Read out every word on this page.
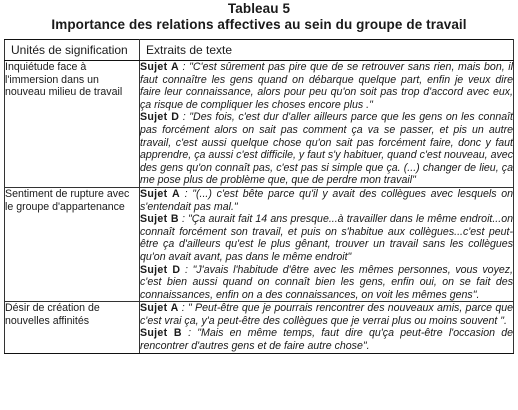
Tableau 5
Importance des relations affectives au sein du groupe de travail
Unités de signification	Extraits de texte
Inquiétude face à l'immersion dans un nouveau milieu de travail	Sujet A : "C'est sûrement pas pire que de se retrouver sans rien, mais bon, il faut connaître les gens quand on débarque quelque part, enfin je veux dire faire leur connaissance, alors pour peu qu'on soit pas trop d'accord avec eux, ça risque de compliquer les choses encore plus ."

Sujet D : "Des fois, c'est dur d'aller ailleurs parce que les gens on les connaît pas forcément alors on sait pas comment ça va se passer, et pis un autre travail, c'est aussi quelque chose qu'on sait pas forcément faire, donc y faut apprendre, ça aussi c'est difficile, y faut s'y habituer, quand c'est nouveau, avec des gens qu'on connaît pas, c'est pas si simple que ça. (...) changer de lieu, ça me pose plus de problème que, que de perdre mon travail"

Sentiment de rupture avec le groupe d'appartenance	Sujet A : "(...) c'est bête parce qu'il y avait des collègues avec lesquels on s'entendait pas mal."

Sujet B : "Ça aurait fait 14 ans presque...à travailler dans le même endroit...on connaît forcément son travail, et puis on s'habitue aux collègues...c'est peut-être ça d'ailleurs qu'est le plus gênant, trouver un travail sans les collègues qu'on avait avant, pas dans le même endroit"

Sujet D : "J'avais l'habitude d'être avec les mêmes personnes, vous voyez, c'est bien aussi quand on connaît bien les gens, enfin oui, on se fait des connaissances, enfin on a des connaissances, on voit les mêmes gens".

Désir de création de nouvelles affinités	Sujet A : " Peut-être que je pourrais rencontrer des nouveaux amis, parce que c'est vrai ça, y'a peut-être des collègues que je verrai plus ou moins souvent ".

Sujet B : "Mais en même temps, faut dire qu'ça peut-être l'occasion de rencontrer d'autres gens et de faire autre chose".
